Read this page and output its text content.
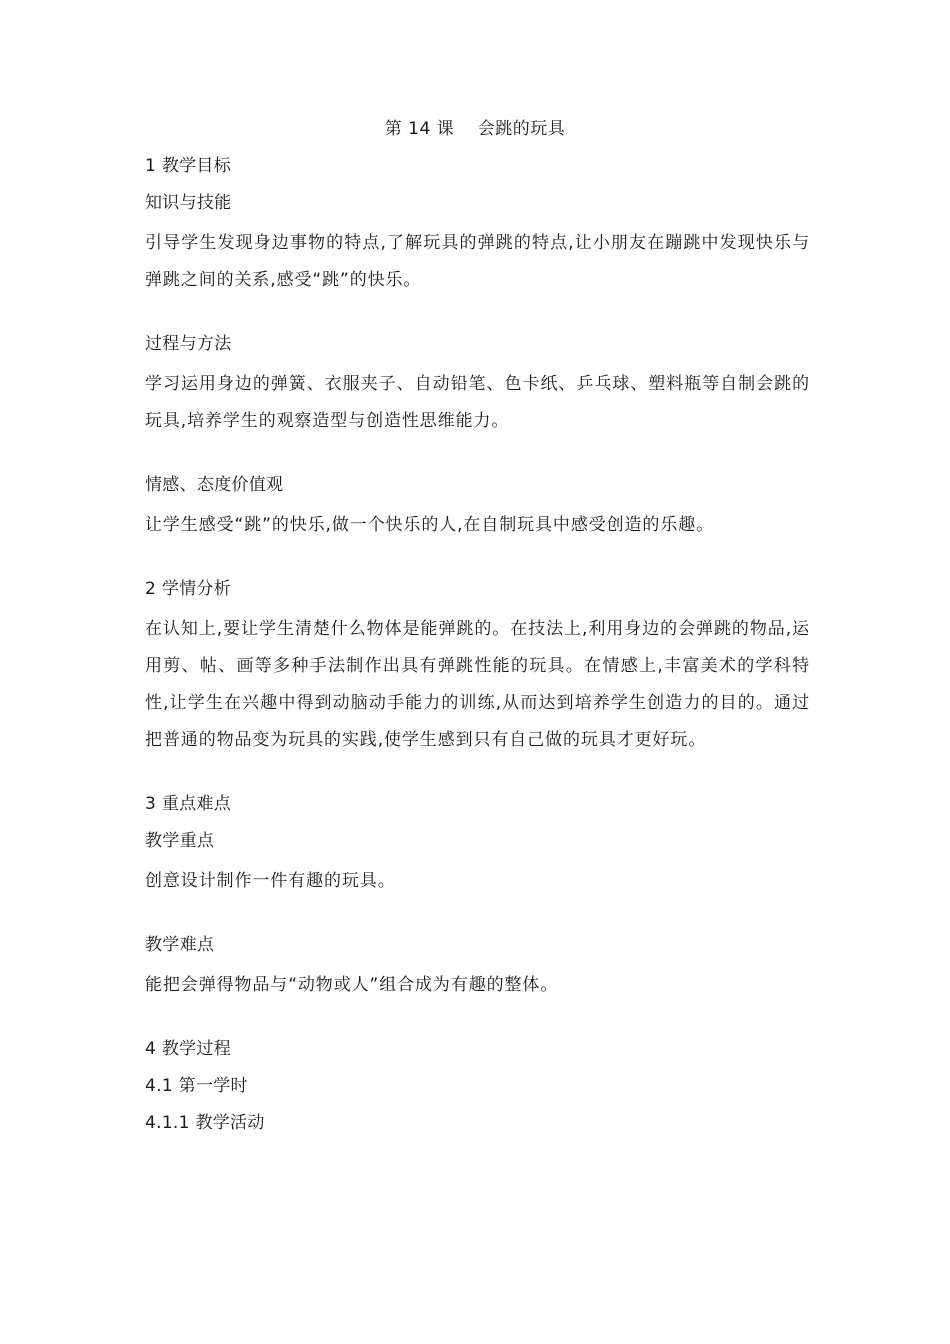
第 14 课    会跳的玩具
1 教学目标
知识与技能
引导学生发现身边事物的特点,了解玩具的弹跳的特点,让小朋友在蹦跳中发现快乐与弹跳之间的关系,感受“跳”的快乐。
过程与方法
学习运用身边的弹簧、衣服夹子、自动铅笔、色卡纸、乒乓球、塑料瓶等自制会跳的玩具,培养学生的观察造型与创造性思维能力。
情感、态度价值观
让学生感受“跳”的快乐,做一个快乐的人,在自制玩具中感受创造的乐趣。
2 学情分析
在认知上,要让学生清楚什么物体是能弹跳的。在技法上,利用身边的会弹跳的物品,运用剪、帖、画等多种手法制作出具有弹跳性能的玩具。在情感上,丰富美术的学科特性,让学生在兴趣中得到动脑动手能力的训练,从而达到培养学生创造力的目的。通过把普通的物品变为玩具的实践,使学生感到只有自己做的玩具才更好玩。
3 重点难点
教学重点
创意设计制作一件有趣的玩具。
教学难点
能把会弹得物品与“动物或人”组合成为有趣的整体。
4 教学过程
4.1 第一学时
4.1.1 教学活动
